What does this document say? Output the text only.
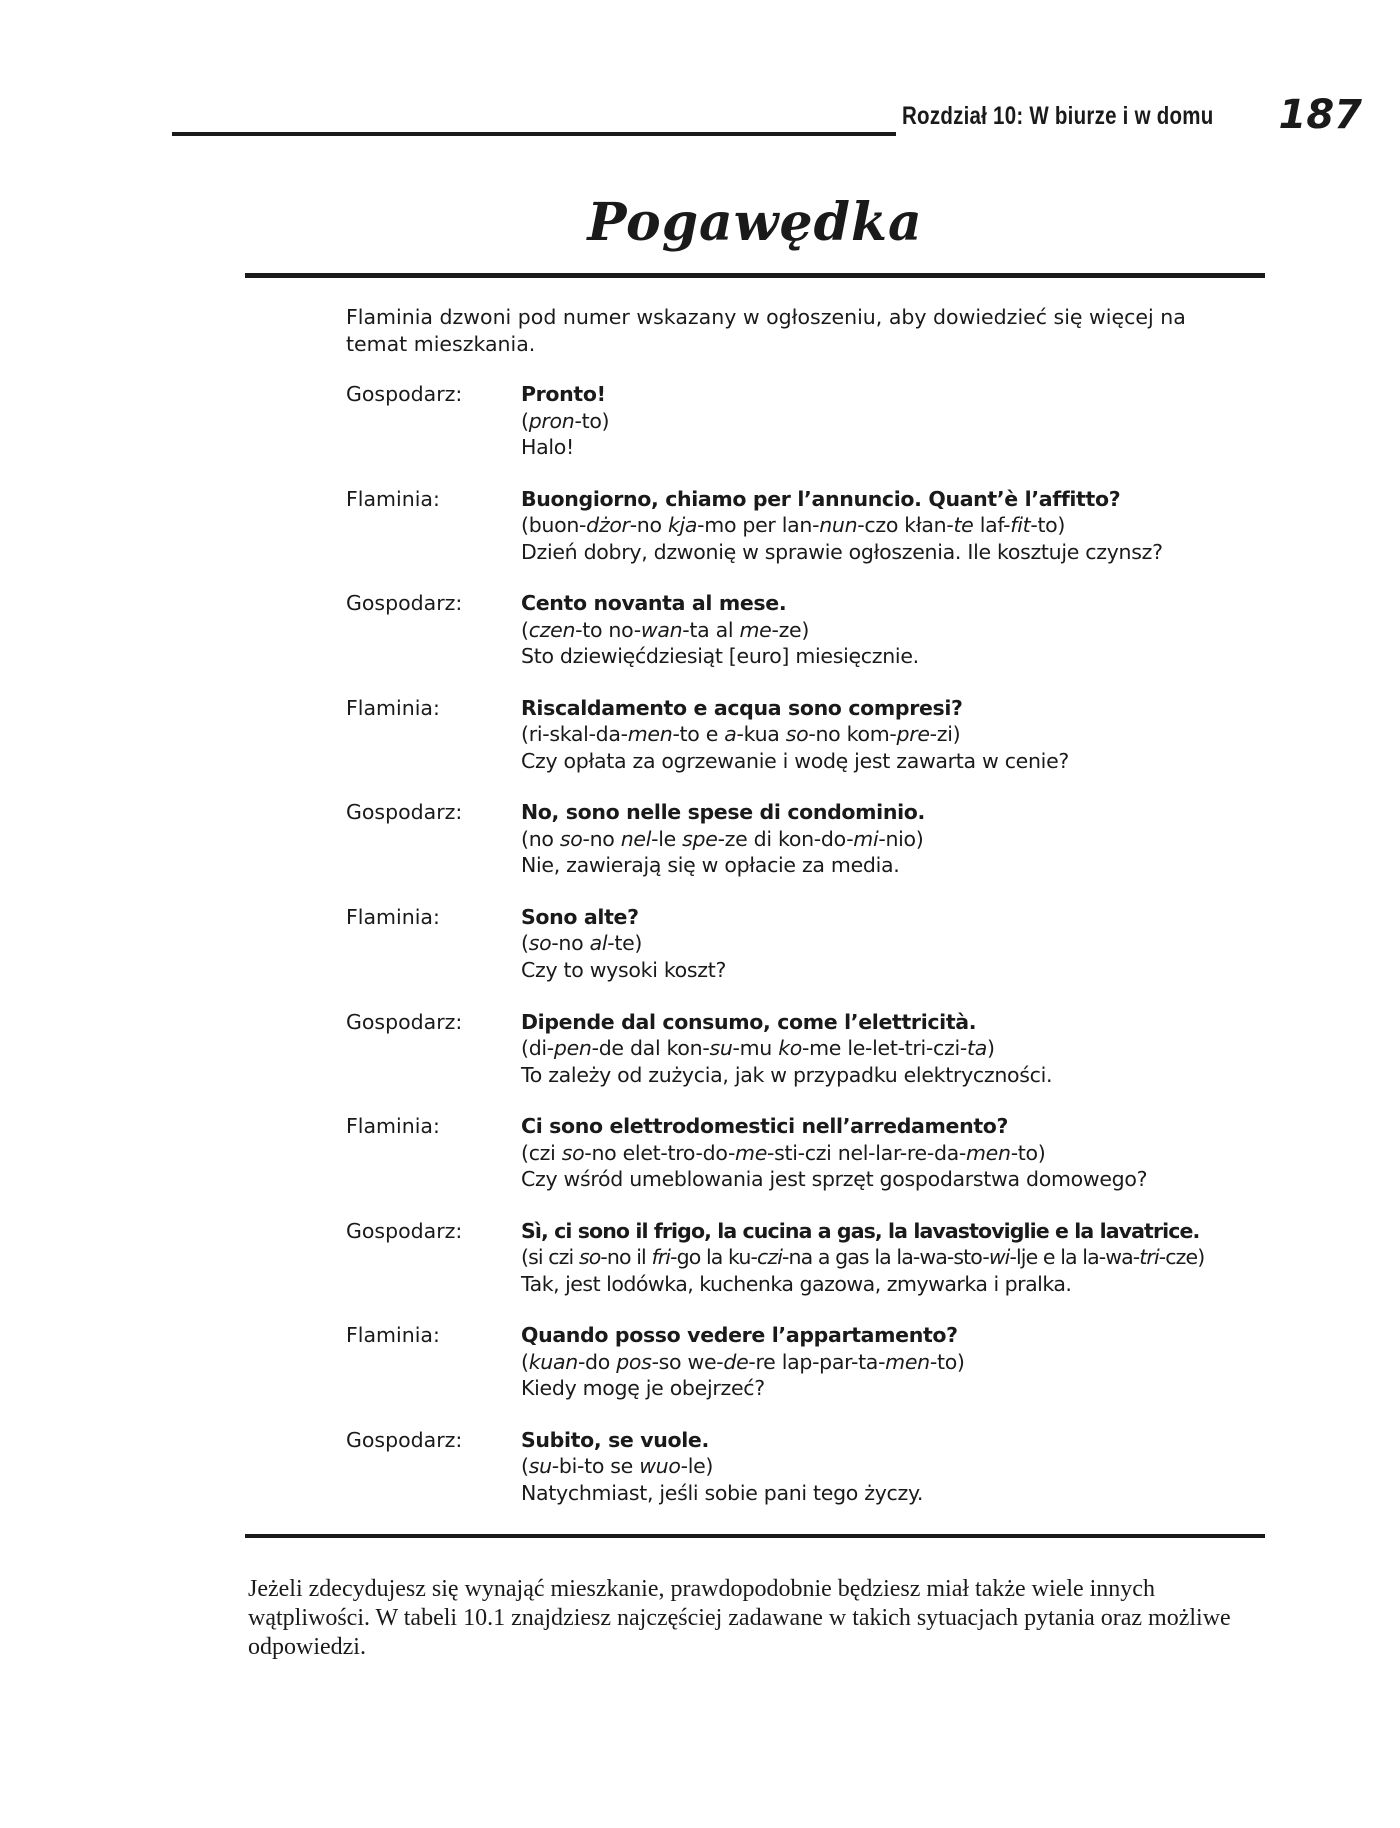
Rozdział 10: W biurze i w domu 187
Pogawędka
Flaminia dzwoni pod numer wskazany w ogłoszeniu, aby dowiedzieć się więcej na temat mieszkania.
Gospodarz:	Pronto!
(pron-to)
Halo!
Flaminia:	Buongiorno, chiamo per l’annuncio. Quant’è l’affitto?
(buon-dżor-no kja-mo per lan-nun-czo kłan-te laf-fit-to)
Dzień dobry, dzwonię w sprawie ogłoszenia. Ile kosztuje czynsz?
Gospodarz:	Cento novanta al mese.
(czen-to no-wan-ta al me-ze)
Sto dziewięćdziesiąt [euro] miesięcznie.
Flaminia:	Riscaldamento e acqua sono compresi?
(ri-skal-da-men-to e a-kua so-no kom-pre-zi)
Czy opłata za ogrzewanie i wodę jest zawarta w cenie?
Gospodarz:	No, sono nelle spese di condominio.
(no so-no nel-le spe-ze di kon-do-mi-nio)
Nie, zawierają się w opłacie za media.
Flaminia:	Sono alte?
(so-no al-te)
Czy to wysoki koszt?
Gospodarz:	Dipende dal consumo, come l’elettricità.
(di-pen-de dal kon-su-mu ko-me le-let-tri-czi-ta)
To zależy od zużycia, jak w przypadku elektryczności.
Flaminia:	Ci sono elettrodomestici nell’arredamento?
(czi so-no elet-tro-do-me-sti-czi nel-lar-re-da-men-to)
Czy wśród umeblowania jest sprzęt gospodarstwa domowego?
Gospodarz:	Sì, ci sono il frigo, la cucina a gas, la lavastoviglie e la lavatrice.
(si czi so-no il fri-go la ku-czi-na a gas la la-wa-sto-wi-lje e la la-wa-tri-cze)
Tak, jest lodówka, kuchenka gazowa, zmywarka i pralka.
Flaminia:	Quando posso vedere l’appartamento?
(kuan-do pos-so we-de-re lap-par-ta-men-to)
Kiedy mogę je obejrzeć?
Gospodarz:	Subito, se vuole.
(su-bi-to se wuo-le)
Natychmiast, jeśli sobie pani tego życzy.
Jeżeli zdecydujesz się wynająć mieszkanie, prawdopodobnie będziesz miał także wiele innych wątpliwości. W tabeli 10.1 znajdziesz najczęściej zadawane w takich sytuacjach pytania oraz możliwe odpowiedzi.
